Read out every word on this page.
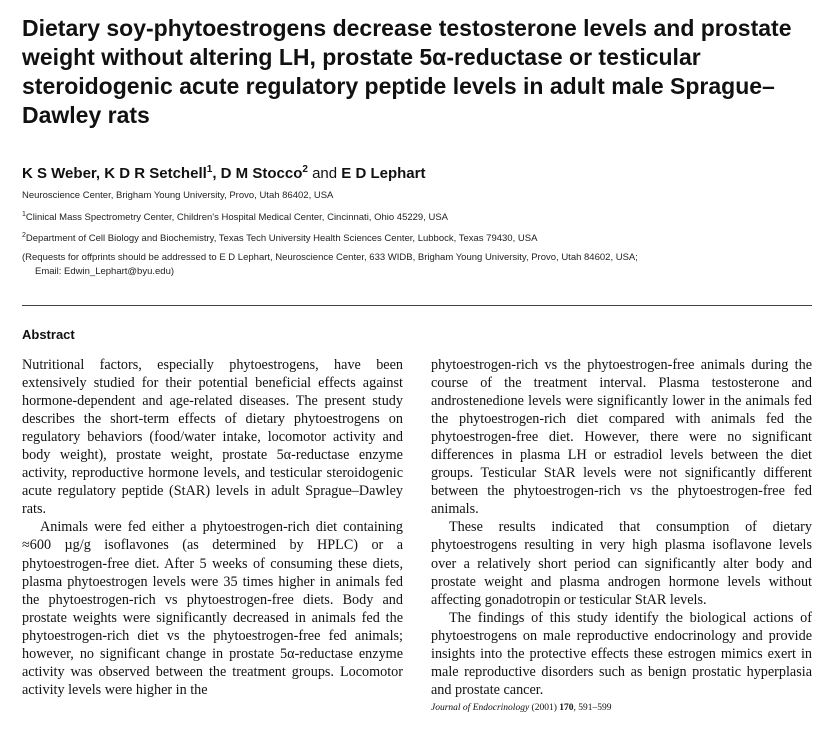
Dietary soy-phytoestrogens decrease testosterone levels and prostate weight without altering LH, prostate 5α-reductase or testicular steroidogenic acute regulatory peptide levels in adult male Sprague–Dawley rats
K S Weber, K D R Setchell$^1$, D M Stocco$^2$ and E D Lephart
Neuroscience Center, Brigham Young University, Provo, Utah 86402, USA
$^1$Clinical Mass Spectrometry Center, Children's Hospital Medical Center, Cincinnati, Ohio 45229, USA
$^2$Department of Cell Biology and Biochemistry, Texas Tech University Health Sciences Center, Lubbock, Texas 79430, USA
(Requests for offprints should be addressed to E D Lephart, Neuroscience Center, 633 WIDB, Brigham Young University, Provo, Utah 84602, USA;
Email: Edwin_Lephart@byu.edu)
Abstract

Nutritional factors, especially phytoestrogens, have been extensively studied for their potential beneficial effects against hormone-dependent and age-related diseases. The present study describes the short-term effects of dietary phytoestrogens on regulatory behaviors (food/water intake, locomotor activity and body weight), prostate weight, prostate 5α-reductase enzyme activity, reproductive hormone levels, and testicular steroidogenic acute regulatory peptide (StAR) levels in adult Sprague–Dawley rats.

Animals were fed either a phytoestrogen-rich diet containing ≈600 µg/g isoflavones (as determined by HPLC) or a phytoestrogen-free diet. After 5 weeks of consuming these diets, plasma phytoestrogen levels were 35 times higher in animals fed the phytoestrogen-rich vs phytoestrogen-free diets. Body and prostate weights were significantly decreased in animals fed the phytoestrogen-rich diet vs the phytoestrogen-free fed animals; however, no significant change in prostate 5α-reductase enzyme activity was observed between the treatment groups. Locomotor activity levels were higher in the

phytoestrogen-rich vs the phytoestrogen-free animals during the course of the treatment interval. Plasma testosterone and androstenedione levels were significantly lower in the animals fed the phytoestrogen-rich diet compared with animals fed the phytoestrogen-free diet. However, there were no significant differences in plasma LH or estradiol levels between the diet groups. Testicular StAR levels were not significantly different between the phytoestrogen-rich vs the phytoestrogen-free fed animals.

These results indicated that consumption of dietary phytoestrogens resulting in very high plasma isoflavone levels over a relatively short period can significantly alter body and prostate weight and plasma androgen hormone levels without affecting gonadotropin or testicular StAR levels.

The findings of this study identify the biological actions of phytoestrogens on male reproductive endocrinology and provide insights into the protective effects these estrogen mimics exert in male reproductive disorders such as benign prostatic hyperplasia and prostate cancer.

Journal of Endocrinology (2001) 170, 591–599
